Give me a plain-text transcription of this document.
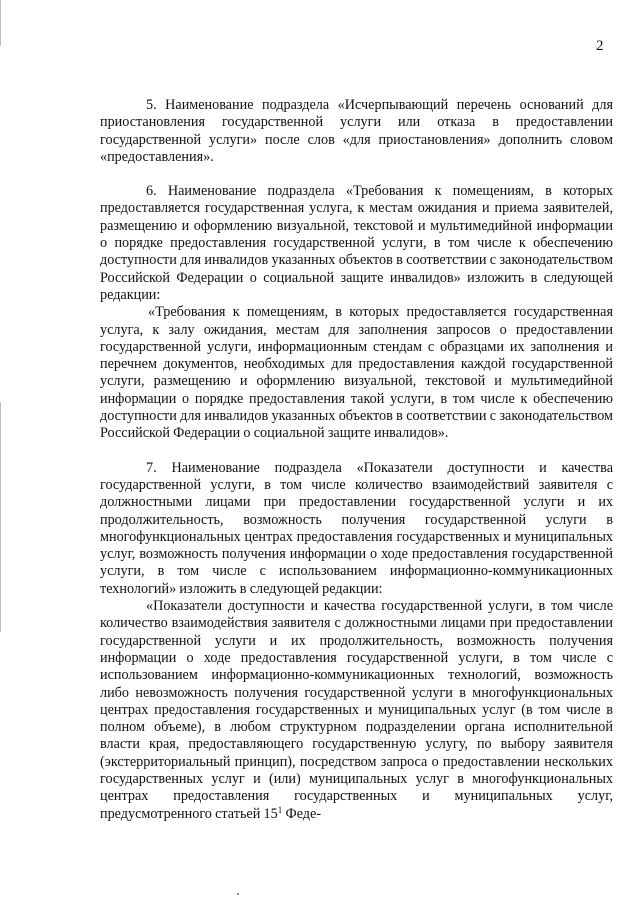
2

5. Наименование подраздела «Исчерпывающий перечень оснований для приостановления государственной услуги или отказа в предоставлении государственной услуги» после слов «для приостановления» дополнить словом «предоставления».

6. Наименование подраздела «Требования к помещениям, в которых предоставляется государственная услуга, к местам ожидания и приема заявителей, размещению и оформлению визуальной, текстовой и мультимедийной информации о порядке предоставления государственной услуги, в том числе к обеспечению доступности для инвалидов указанных объектов в соответствии с законодательством Российской Федерации о социальной защите инвалидов» изложить в следующей редакции:

«Требования к помещениям, в которых предоставляется государственная услуга, к залу ожидания, местам для заполнения запросов о предоставлении государственной услуги, информационным стендам с образцами их заполнения и перечнем документов, необходимых для предоставления каждой государственной услуги, размещению и оформлению визуальной, текстовой и мультимедийной информации о порядке предоставления такой услуги, в том числе к обеспечению доступности для инвалидов указанных объектов в соответствии с законодательством Российской Федерации о социальной защите инвалидов».

7. Наименование подраздела «Показатели доступности и качества государственной услуги, в том числе количество взаимодействий заявителя с должностными лицами при предоставлении государственной услуги и их продолжительность, возможность получения государственной услуги в многофункциональных центрах предоставления государственных и муниципальных услуг, возможность получения информации о ходе предоставления государственной услуги, в том числе с использованием информационно-коммуникационных технологий» изложить в следующей редакции:

«Показатели доступности и качества государственной услуги, в том числе количество взаимодействия заявителя с должностными лицами при предоставлении государственной услуги и их продолжительность, возможность получения информации о ходе предоставления государственной услуги, в том числе с использованием информационно-коммуникационных технологий, возможность либо невозможность получения государственной услуги в многофункциональных центрах предоставления государственных и муниципальных услуг (в том числе в полном объеме), в любом структурном подразделении органа исполнительной власти края, предоставляющего государственную услугу, по выбору заявителя (экстерриториальный принцип), посредством запроса о предоставлении нескольких государственных услуг и (или) муниципальных услуг в многофункциональных центрах предоставления государственных и муниципальных услуг, предусмотренного статьей $15^1$ Феде-
